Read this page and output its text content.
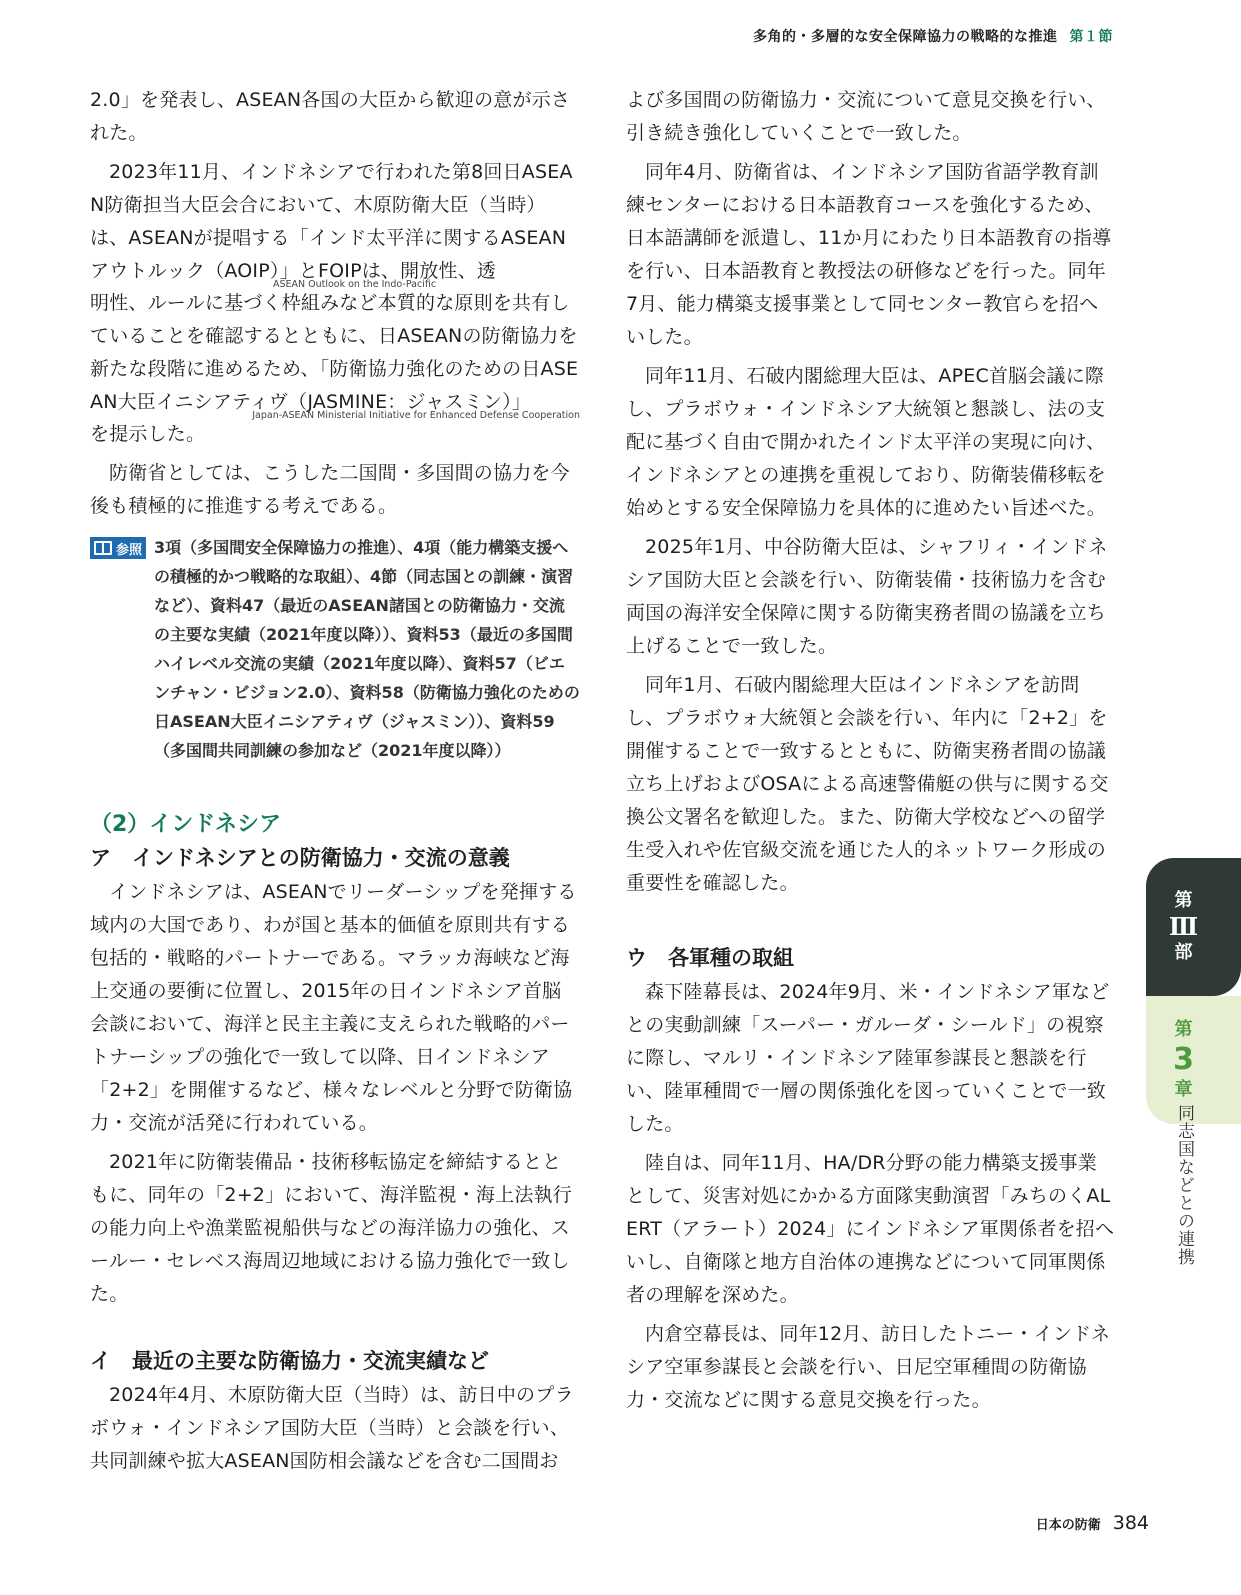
多角的・多層的な安全保障協力の戦略的な推進 第１節

2.0」を発表し、ASEAN各国の大臣から歓迎の意が示された。

2023年11月、インドネシアで行われた第8回日ASEAN防衛担当大臣会合において、木原防衛大臣（当時）は、ASEANが提唱する「インド太平洋に関するASEANアウトルック（AOIP）」とFOIPは、開放性、透
ASEAN Outlook on the Indo-Pacific
明性、ルールに基づく枠組みなど本質的な原則を共有していることを確認するとともに、日ASEANの防衛協力を新たな段階に進めるため、「防衛協力強化のための日ASEAN大臣イニシアティヴ（JASMINE：ジャスミン）」
Japan-ASEAN Ministerial Initiative for Enhanced Defense Cooperation
を提示した。

防衛省としては、こうした二国間・多国間の協力を今後も積極的に推進する考えである。

参照 3項（多国間安全保障協力の推進）、4項（能力構築支援への積極的かつ戦略的な取組）、4節（同志国との訓練・演習など）、資料47（最近のASEAN諸国との防衛協力・交流の主要な実績（2021年度以降））、資料53（最近の多国間ハイレベル交流の実績（2021年度以降）、資料57（ビエンチャン・ビジョン2.0）、資料58（防衛協力強化のための日ASEAN大臣イニシアティヴ（ジャスミン））、資料59（多国間共同訓練の参加など（2021年度以降））
（2）インドネシア
ア　インドネシアとの防衛協力・交流の意義

インドネシアは、ASEANでリーダーシップを発揮する域内の大国であり、わが国と基本的価値を原則共有する包括的・戦略的パートナーである。マラッカ海峡など海上交通の要衝に位置し、2015年の日インドネシア首脳会談において、海洋と民主主義に支えられた戦略的パートナーシップの強化で一致して以降、日インドネシア「2+2」を開催するなど、様々なレベルと分野で防衛協力・交流が活発に行われている。

2021年に防衛装備品・技術移転協定を締結するとともに、同年の「2+2」において、海洋監視・海上法執行の能力向上や漁業監視船供与などの海洋協力の強化、スールー・セレベス海周辺地域における協力強化で一致した。

イ　最近の主要な防衛協力・交流実績など

2024年4月、木原防衛大臣（当時）は、訪日中のプラボウォ・インドネシア国防大臣（当時）と会談を行い、共同訓練や拡大ASEAN国防相会議などを含む二国間お

よび多国間の防衛協力・交流について意見交換を行い、引き続き強化していくことで一致した。

同年4月、防衛省は、インドネシア国防省語学教育訓練センターにおける日本語教育コースを強化するため、日本語講師を派遣し、11か月にわたり日本語教育の指導を行い、日本語教育と教授法の研修などを行った。同年7月、能力構築支援事業として同センター教官らを招へいした。

同年11月、石破内閣総理大臣は、APEC首脳会議に際し、プラボウォ・インドネシア大統領と懇談し、法の支配に基づく自由で開かれたインド太平洋の実現に向け、インドネシアとの連携を重視しており、防衛装備移転を始めとする安全保障協力を具体的に進めたい旨述べた。

2025年1月、中谷防衛大臣は、シャフリィ・インドネシア国防大臣と会談を行い、防衛装備・技術協力を含む両国の海洋安全保障に関する防衛実務者間の協議を立ち上げることで一致した。

同年1月、石破内閣総理大臣はインドネシアを訪問し、プラボウォ大統領と会談を行い、年内に「2+2」を開催することで一致するとともに、防衛実務者間の協議立ち上げおよびOSAによる高速警備艇の供与に関する交換公文署名を歓迎した。また、防衛大学校などへの留学生受入れや佐官級交流を通じた人的ネットワーク形成の重要性を確認した。

ウ　各軍種の取組

森下陸幕長は、2024年9月、米・インドネシア軍などとの実動訓練「スーパー・ガルーダ・シールド」の視察に際し、マルリ・インドネシア陸軍参謀長と懇談を行い、陸軍種間で一層の関係強化を図っていくことで一致した。

陸自は、同年11月、HA/DR分野の能力構築支援事業として、災害対処にかかる方面隊実動演習「みちのくALERT（アラート）2024」にインドネシア軍関係者を招へいし、自衛隊と地方自治体の連携などについて同軍関係者の理解を深めた。

内倉空幕長は、同年12月、訪日したトニー・インドネシア空軍参謀長と会談を行い、日尼空軍種間の防衛協力・交流などに関する意見交換を行った。

第
Ⅲ
部
第
3
章
同志国などとの連携
日本の防衛 384
